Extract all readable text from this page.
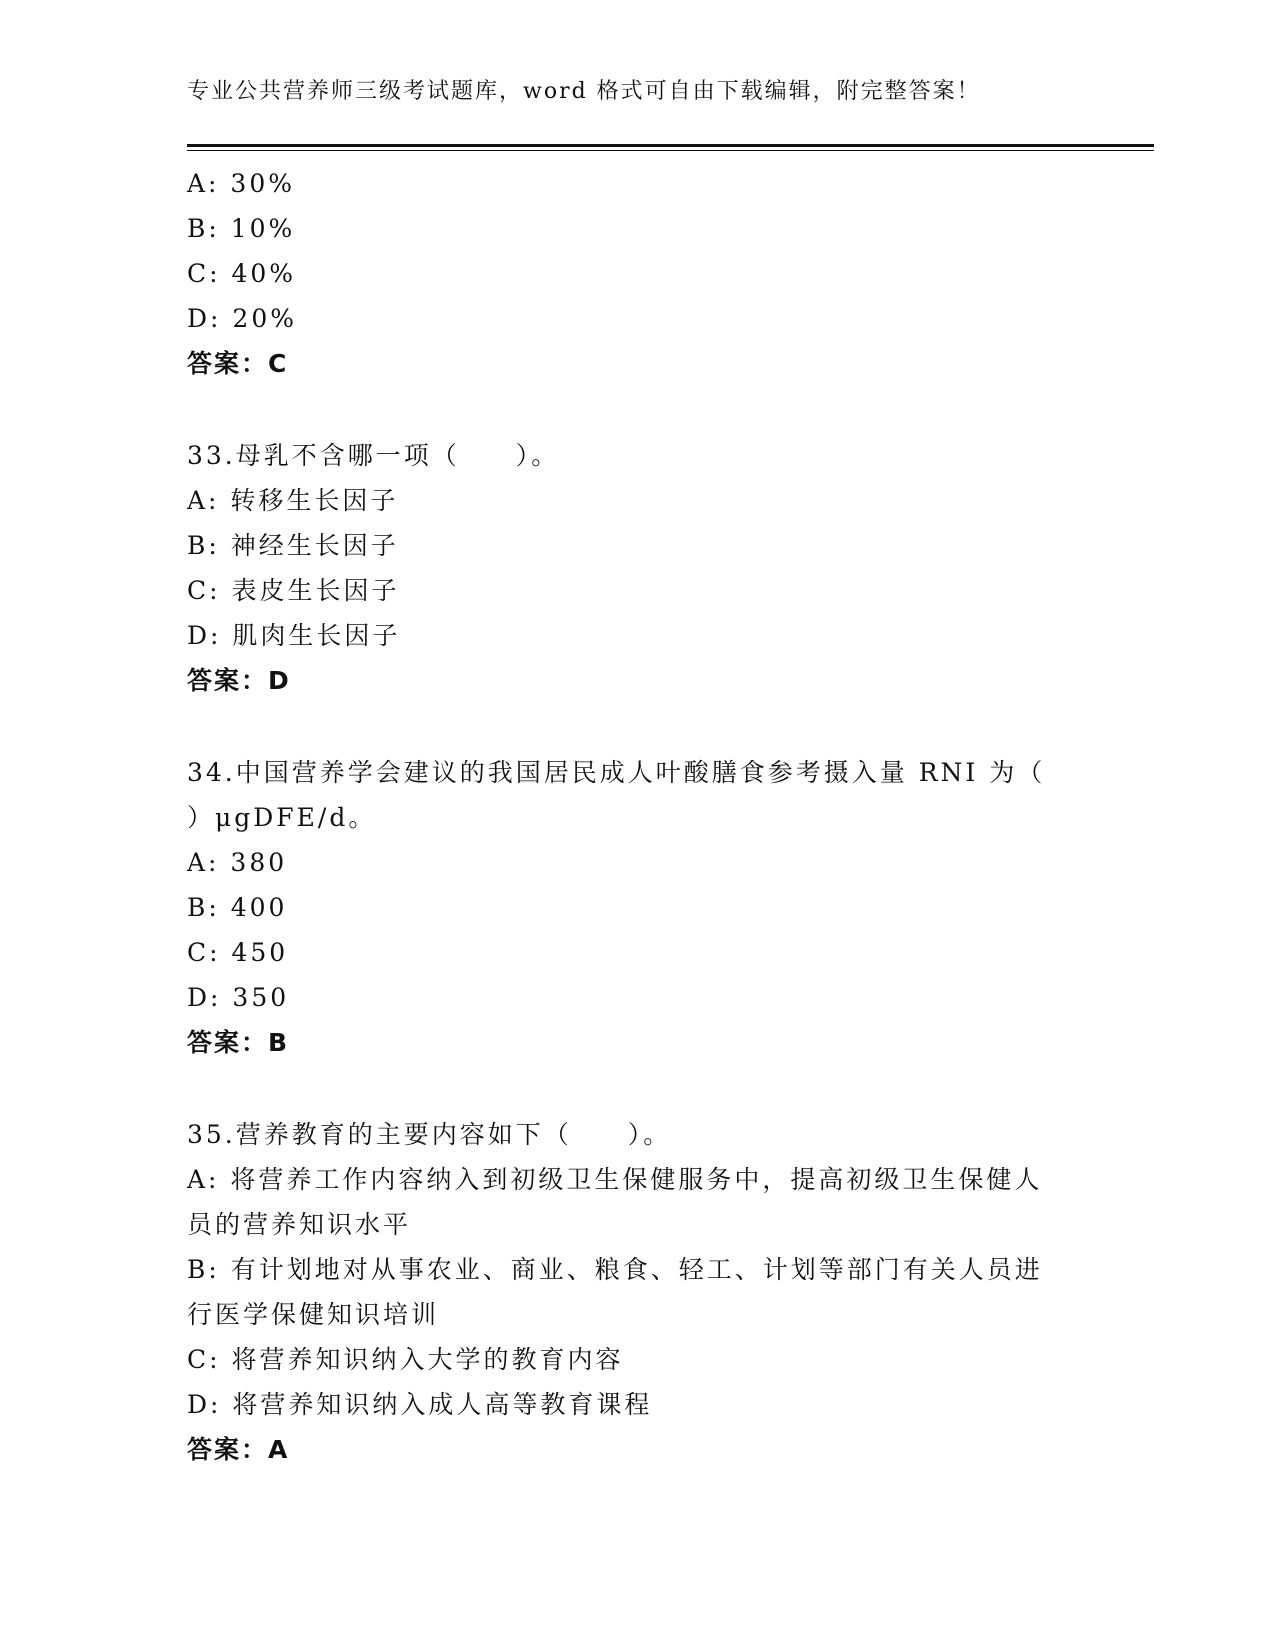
专业公共营养师三级考试题库，word 格式可自由下载编辑，附完整答案！

A: 30%

B: 10%

C: 40%

D: 20%

答案：C

33.母乳不含哪一项（　　）。

A: 转移生长因子

B: 神经生长因子

C: 表皮生长因子

D: 肌肉生长因子

答案：D

34.中国营养学会建议的我国居民成人叶酸膳食参考摄入量 RNI 为（

）μgDFE/d。

A: 380

B: 400

C: 450

D: 350

答案：B

35.营养教育的主要内容如下（　　）。

A: 将营养工作内容纳入到初级卫生保健服务中，提高初级卫生保健人

员的营养知识水平

B: 有计划地对从事农业、商业、粮食、轻工、计划等部门有关人员进

行医学保健知识培训

C: 将营养知识纳入大学的教育内容

D: 将营养知识纳入成人高等教育课程

答案：A
